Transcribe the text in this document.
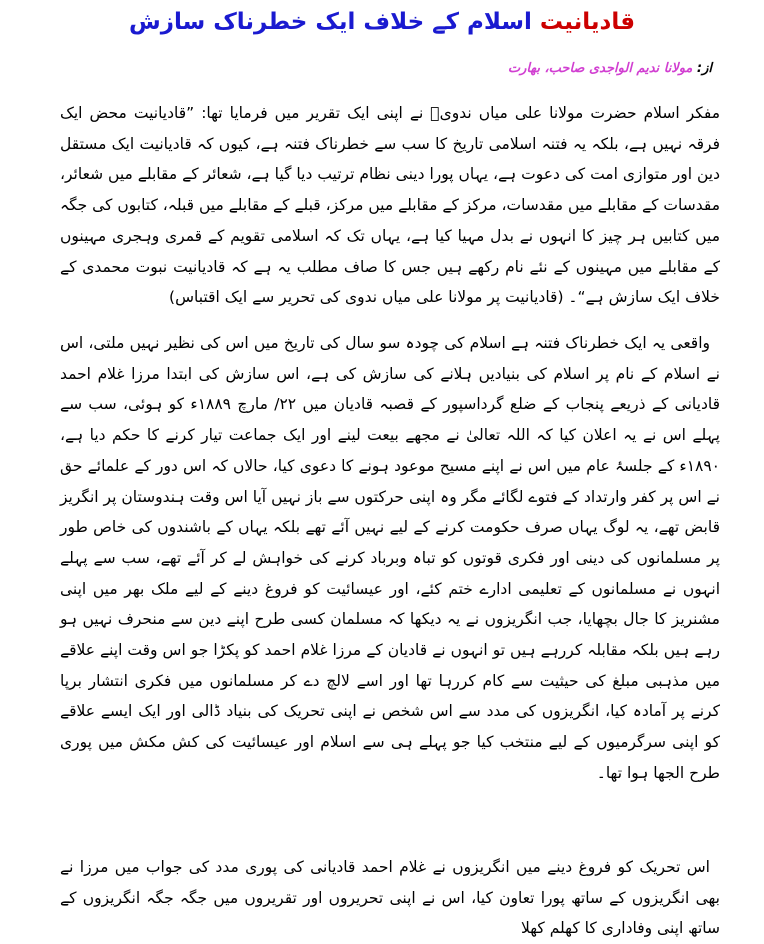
قادیانیت اسلام کے خلاف ایک خطرناک سازش
از: مولانا ندیم الواجدی صاحب، بھارت
مفکر اسلام حضرت مولانا علی میاں ندویؒ نے اپنی ایک تقریر میں فرمایا تھا: ”قادیانیت محض ایک فرقہ نہیں ہے، بلکہ یہ فتنہ اسلامی تاریخ کا سب سے خطرناک فتنہ ہے، کیوں کہ قادیانیت ایک مستقل دین اور متوازی امت کی دعوت ہے، یہاں پورا دینی نظام ترتیب دیا گیا ہے، شعائر کے مقابلے میں شعائر، مقدسات کے مقابلے میں مقدسات، مرکز کے مقابلے میں مرکز، قبلے کے مقابلے میں قبلہ، کتابوں کی جگہ میں کتابیں ہر چیز کا انہوں نے بدل مہیا کیا ہے، یہاں تک کہ اسلامی تقویم کے قمری وہجری مہینوں کے مقابلے میں مہینوں کے نئے نام رکھے ہیں جس کا صاف مطلب یہ ہے کہ قادیانیت نبوت محمدی کے خلاف ایک سازش ہے“۔ (قادیانیت پر مولانا علی میاں ندوی کی تحریر سے ایک اقتباس)
واقعی یہ ایک خطرناک فتنہ ہے اسلام کی چودہ سو سال کی تاریخ میں اس کی نظیر نہیں ملتی، اس نے اسلام کے نام پر اسلام کی بنیادیں ہلانے کی سازش کی ہے، اس سازش کی ابتدا مرزا غلام احمد قادیانی کے ذریعے پنجاب کے ضلع گرداسپور کے قصبہ قادیان میں ۲۲/ مارچ ۱۸۸۹ء کو ہوئی، سب سے پہلے اس نے یہ اعلان کیا کہ اللہ تعالیٰ نے مجھے بیعت لینے اور ایک جماعت تیار کرنے کا حکم دیا ہے، ۱۸۹۰ء کے جلسۂ عام میں اس نے اپنے مسیح موعود ہونے کا دعوی کیا، حالاں کہ اس دور کے علمائے حق نے اس پر کفر وارتداد کے فتوے لگائے مگر وہ اپنی حرکتوں سے باز نہیں آیا اس وقت ہندوستان پر انگریز قابض تھے، یہ لوگ یہاں صرف حکومت کرنے کے لیے نہیں آئے تھے بلکہ یہاں کے باشندوں کی خاص طور پر مسلمانوں کی دینی اور فکری قوتوں کو تباہ وبرباد کرنے کی خواہش لے کر آئے تھے، سب سے پہلے انہوں نے مسلمانوں کے تعلیمی ادارے ختم کئے، اور عیسائیت کو فروغ دینے کے لیے ملک بھر میں اپنی مشنریز کا جال بچھایا، جب انگریزوں نے یہ دیکھا کہ مسلمان کسی طرح اپنے دین سے منحرف نہیں ہو رہے ہیں بلکہ مقابلہ کررہے ہیں تو انہوں نے قادیان کے مرزا غلام احمد کو پکڑا جو اس وقت اپنے علاقے میں مذہبی مبلغ کی حیثیت سے کام کررہا تھا اور اسے لالچ دے کر مسلمانوں میں فکری انتشار برپا کرنے پر آمادہ کیا، انگریزوں کی مدد سے اس شخص نے اپنی تحریک کی بنیاد ڈالی اور ایک ایسے علاقے کو اپنی سرگرمیوں کے لیے منتخب کیا جو پہلے ہی سے اسلام اور عیسائیت کی کش مکش میں پوری طرح الجھا ہوا تھا۔
اس تحریک کو فروغ دینے میں انگریزوں نے غلام احمد قادیانی کی پوری مدد کی جواب میں مرزا نے بھی انگریزوں کے ساتھ پورا تعاون کیا، اس نے اپنی تحریروں اور تقریروں میں جگہ جگہ انگریزوں کے ساتھ اپنی وفاداری کا کھلم کھلا
